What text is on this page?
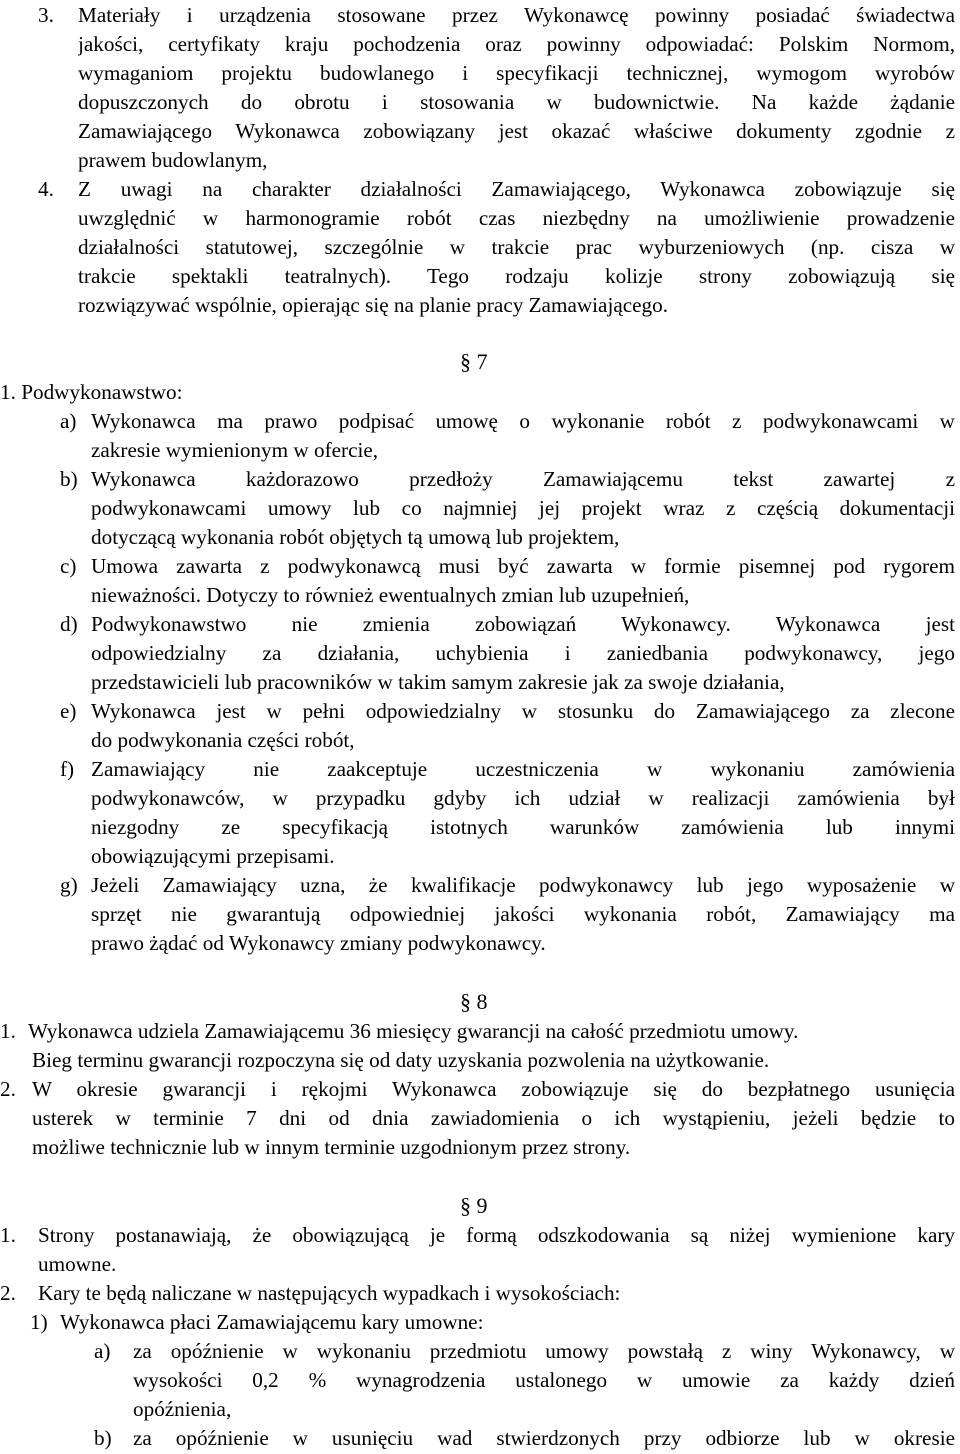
3. Materiały i urządzenia stosowane przez Wykonawcę powinny posiadać świadectwa
jakości, certyfikaty kraju pochodzenia oraz powinny odpowiadać: Polskim Normom,
wymaganiom projektu budowlanego i specyfikacji technicznej, wymogom wyrobów
dopuszczonych do obrotu i stosowania w budownictwie. Na każde żądanie
Zamawiającego Wykonawca zobowiązany jest okazać właściwe dokumenty zgodnie z
prawem budowlanym,
4. Z uwagi na charakter działalności Zamawiającego, Wykonawca zobowiązuje się
uwzględnić w harmonogramie robót czas niezbędny na umożliwienie prowadzenie
działalności statutowej, szczególnie w trakcie prac wyburzeniowych (np. cisza w
trakcie spektakli teatralnych). Tego rodzaju kolizje strony zobowiązują się
rozwiązywać wspólnie, opierając się na planie pracy Zamawiającego.
§ 7
1. Podwykonawstwo:
a) Wykonawca ma prawo podpisać umowę o wykonanie robót z podwykonawcami w
zakresie wymienionym w ofercie,
b) Wykonawca każdorazowo przedłoży Zamawiającemu tekst zawartej z
podwykonawcami umowy lub co najmniej jej projekt wraz z częścią dokumentacji
dotyczącą wykonania robót objętych tą umową lub projektem,
c) Umowa zawarta z podwykonawcą musi być zawarta w formie pisemnej pod rygorem
nieważności. Dotyczy to również ewentualnych zmian lub uzupełnień,
d) Podwykonawstwo nie zmienia zobowiązań Wykonawcy. Wykonawca jest
odpowiedzialny za działania, uchybienia i zaniedbania podwykonawcy, jego
przedstawicieli lub pracowników w takim samym zakresie jak za swoje działania,
e) Wykonawca jest w pełni odpowiedzialny w stosunku do Zamawiającego za zlecone
do podwykonania części robót,
f) Zamawiający nie zaakceptuje uczestniczenia w wykonaniu zamówienia
podwykonawców, w przypadku gdyby ich udział w realizacji zamówienia był
niezgodny ze specyfikacją istotnych warunków zamówienia lub innymi
obowiązującymi przepisami.
g) Jeżeli Zamawiający uzna, że kwalifikacje podwykonawcy lub jego wyposażenie w
sprzęt nie gwarantują odpowiedniej jakości wykonania robót, Zamawiający ma
prawo żądać od Wykonawcy zmiany podwykonawcy.
§ 8
1. Wykonawca udziela Zamawiającemu 36 miesięcy gwarancji na całość przedmiotu umowy.
Bieg terminu gwarancji rozpoczyna się od daty uzyskania pozwolenia na użytkowanie.
2. W okresie gwarancji i rękojmi Wykonawca zobowiązuje się do bezpłatnego usunięcia
usterek w terminie 7 dni od dnia zawiadomienia o ich wystąpieniu, jeżeli będzie to
możliwe technicznie lub w innym terminie uzgodnionym przez strony.
§ 9
1. Strony postanawiają, że obowiązującą je formą odszkodowania są niżej wymienione kary
umowne.
2. Kary te będą naliczane w następujących wypadkach i wysokościach:
1) Wykonawca płaci Zamawiającemu kary umowne:
a) za opóźnienie w wykonaniu przedmiotu umowy powstałą z winy Wykonawcy, w
wysokości 0,2 % wynagrodzenia ustalonego w umowie za każdy dzień
opóźnienia,
b) za opóźnienie w usunięciu wad stwierdzonych przy odbiorze lub w okresie
